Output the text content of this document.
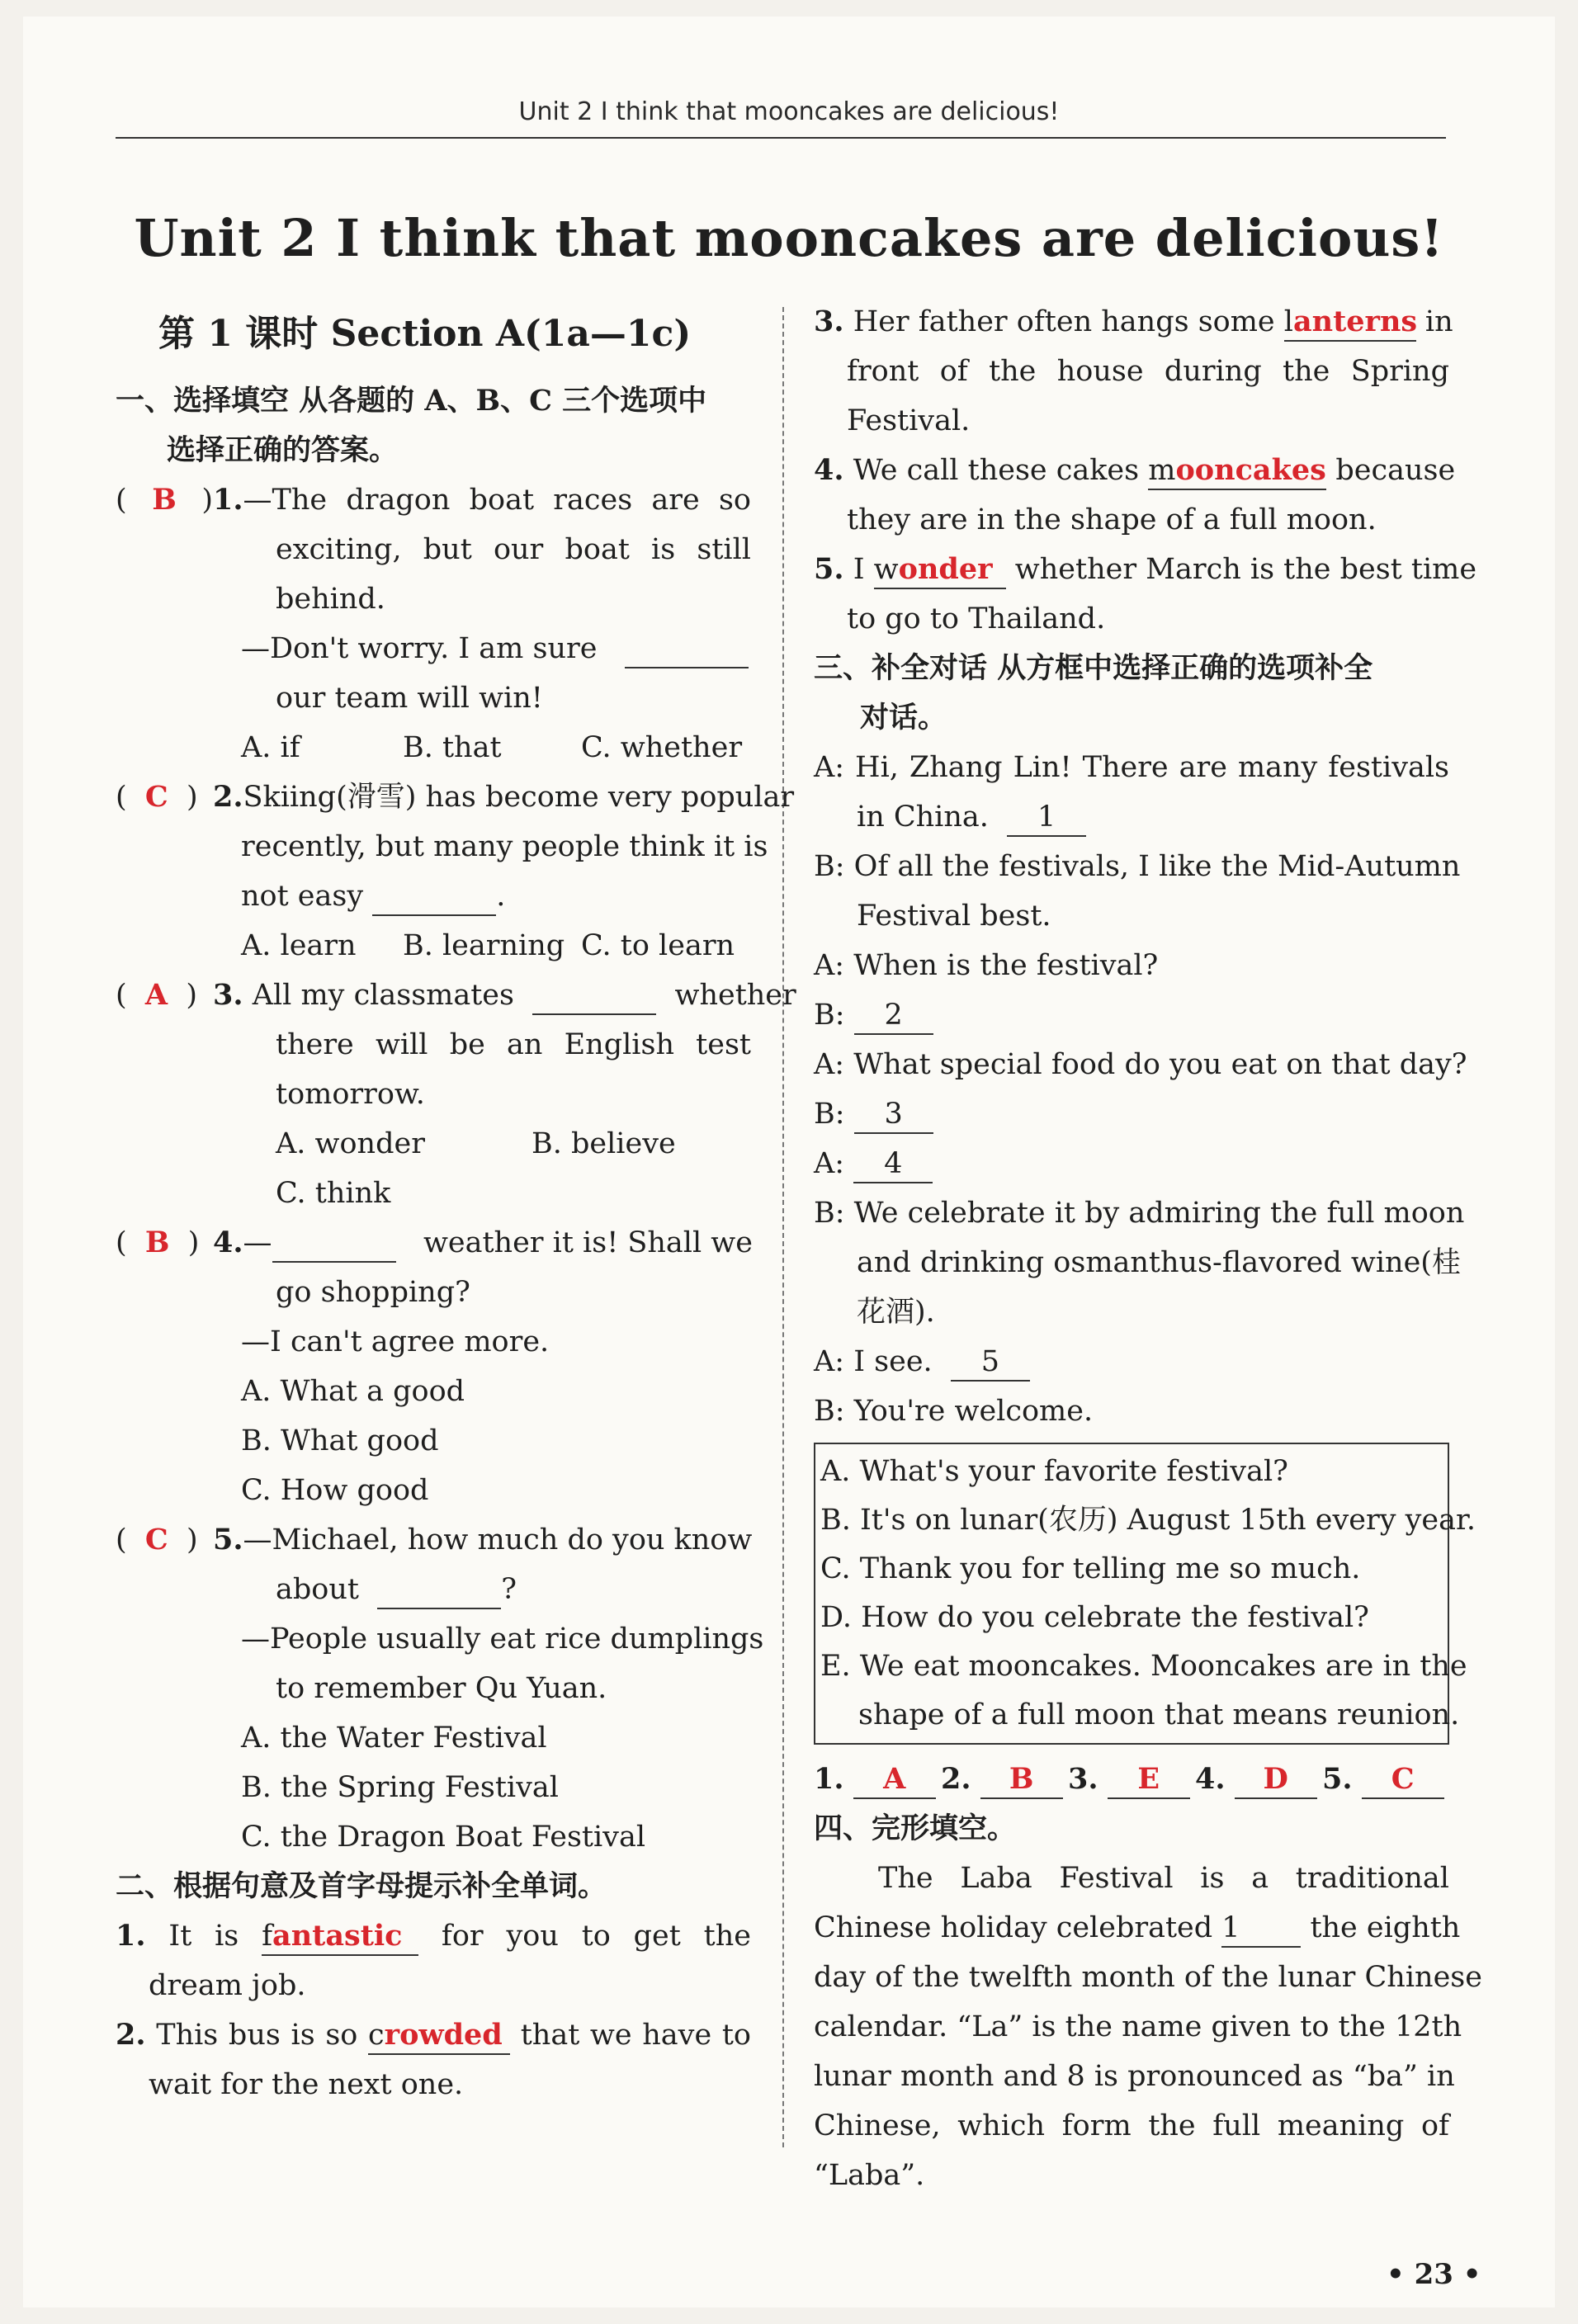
Unit 2 I think that mooncakes are delicious!
Unit 2 I think that mooncakes are delicious!
第 1 课时 Section A(1a—1c)
一、选择填空 从各题的 A、B、C 三个选项中
选择正确的答案。
(  B  )1.—The dragon boat races are so
exciting, but our boat is still
behind.
—Don't worry. I am sure
our team will win!
A. if	B. that	C. whether
(  C  ) 2.Skiing(滑雪) has become very popular
recently, but many people think it is
not easy	.
A. learn	B. learning C. to learn
(  A  ) 3. All my classmates	whether
there will be an English test
tomorrow.
A. wonder	B. believe
C. think
(  B  ) 4.—	weather it is! Shall we
go shopping?
—I can't agree more.
A. What a good
B. What good
C. How good
(  C  ) 5.—Michael, how much do you know
about	?
—People usually eat rice dumplings
to remember Qu Yuan.
A. the Water Festival
B. the Spring Festival
C. the Dragon Boat Festival
二、根据句意及首字母提示补全单词。
1. It is fantastic for you to get the
dream job.
2. This bus is so crowded that we have to
wait for the next one.
3. Her father often hangs some lanterns in
front of the house during the Spring
Festival.
4. We call these cakes mooncakes because
they are in the shape of a full moon.
5. I wonder whether March is the best time
to go to Thailand.
三、补全对话 从方框中选择正确的选项补全
对话。
A: Hi, Zhang Lin! There are many festivals
in China. 1
B: Of all the festivals, I like the Mid-Autumn
Festival best.
A: When is the festival?
B: 2
A: What special food do you eat on that day?
B: 3
A: 4
B: We celebrate it by admiring the full moon
and drinking osmanthus-flavored wine(桂
花酒).
A: I see. 5
B: You're welcome.
A. What's your favorite festival?
B. It's on lunar(农历) August 15th every year.
C. Thank you for telling me so much.
D. How do you celebrate the festival?
E. We eat mooncakes. Mooncakes are in the
shape of a full moon that means reunion.
1. A	2. B	3. E	4. D	5. C
四、完形填空。
The Laba Festival is a traditional
Chinese holiday celebrated 1 the eighth
day of the twelfth month of the lunar Chinese
calendar. “La” is the name given to the 12th
lunar month and 8 is pronounced as “ba” in
Chinese, which form the full meaning of
“Laba”.
• 23 •
